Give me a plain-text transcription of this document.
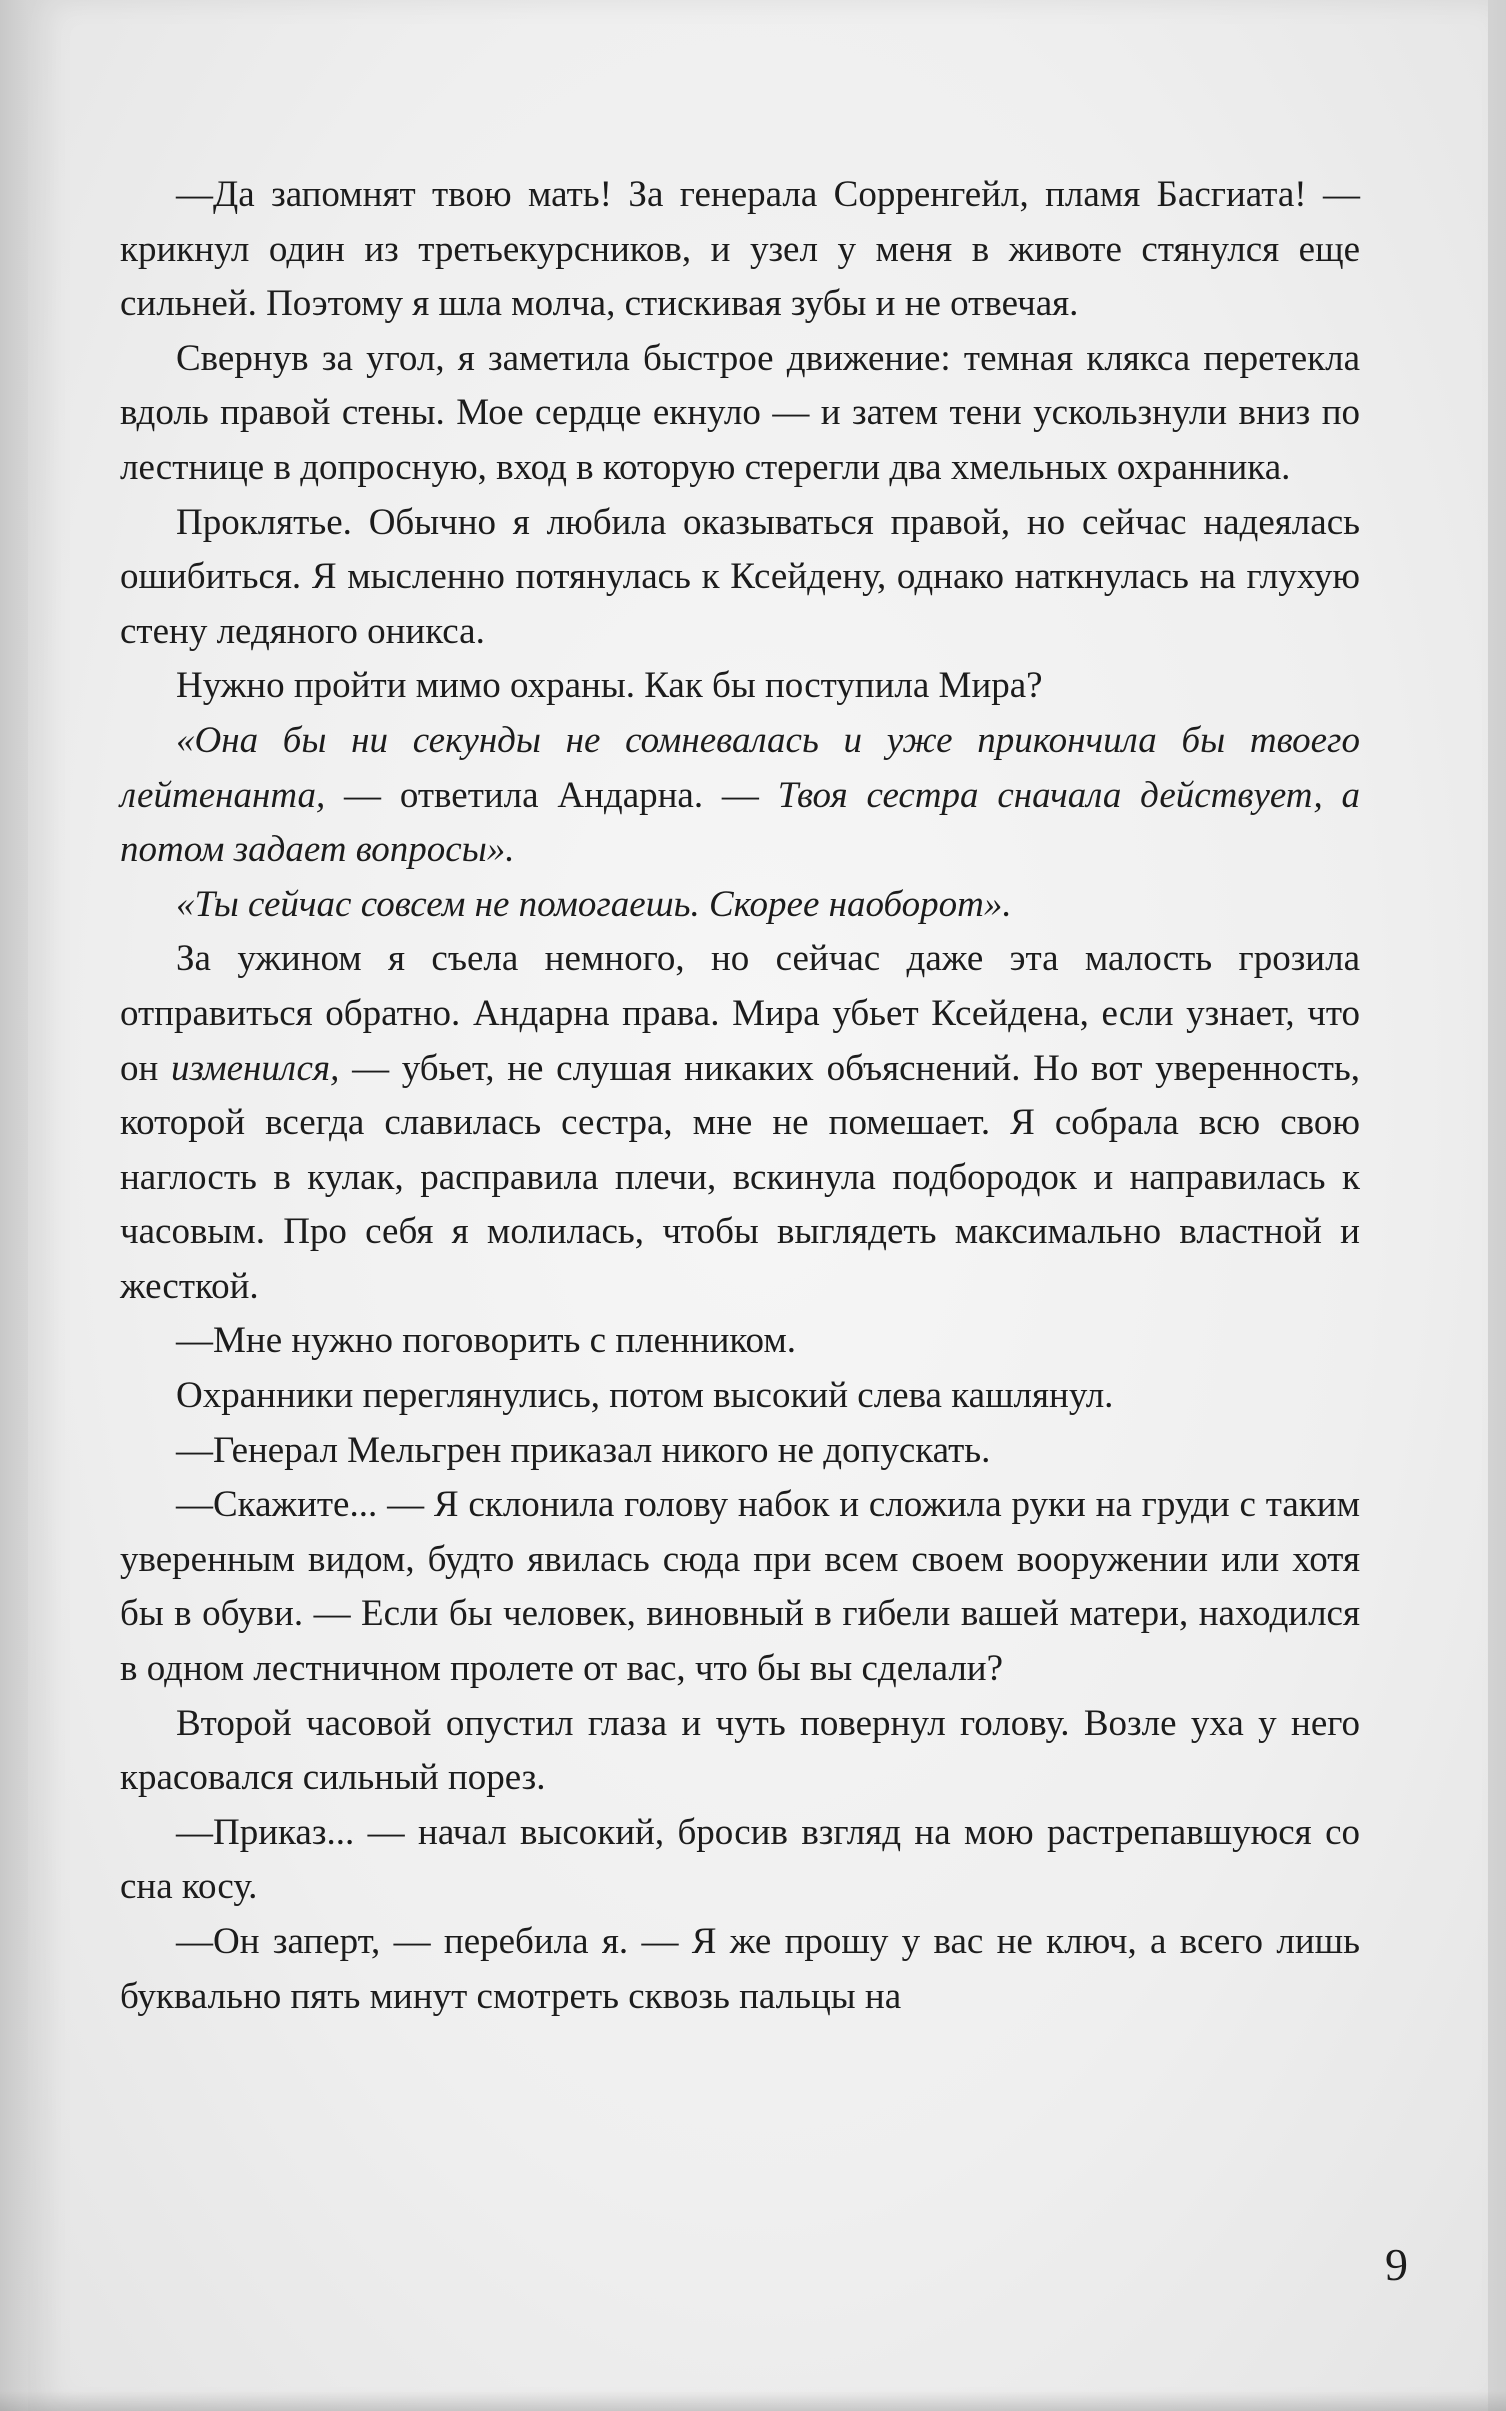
—Да запомнят твою мать! За генерала Сорренгейл, пламя Басгиата! — крикнул один из третьекурсников, и узел у меня в животе стянулся еще сильней. Поэтому я шла молча, стискивая зубы и не отвечая.

Свернув за угол, я заметила быстрое движение: темная клякса перетекла вдоль правой стены. Мое сердце екнуло — и затем тени ускользнули вниз по лестнице в допросную, вход в которую стерегли два хмельных охранника.

Проклятье. Обычно я любила оказываться правой, но сейчас надеялась ошибиться. Я мысленно потянулась к Ксейдену, однако наткнулась на глухую стену ледяного оникса.

Нужно пройти мимо охраны. Как бы поступила Мира?

«Она бы ни секунды не сомневалась и уже прикончила бы твоего лейтенанта, — ответила Андарна. — Твоя сестра сначала действует, а потом задает вопросы».

«Ты сейчас совсем не помогаешь. Скорее наоборот».

За ужином я съела немного, но сейчас даже эта малость грозила отправиться обратно. Андарна права. Мира убьет Ксейдена, если узнает, что он изменился, — убьет, не слушая никаких объяснений. Но вот уверенность, которой всегда славилась сестра, мне не помешает. Я собрала всю свою наглость в кулак, расправила плечи, вскинула подбородок и направилась к часовым. Про себя я молилась, чтобы выглядеть максимально властной и жесткой.

—Мне нужно поговорить с пленником.

Охранники переглянулись, потом высокий слева кашлянул.

—Генерал Мельгрен приказал никого не допускать.

—Скажите... — Я склонила голову набок и сложила руки на груди с таким уверенным видом, будто явилась сюда при всем своем вооружении или хотя бы в обуви. — Если бы человек, виновный в гибели вашей матери, находился в одном лестничном пролете от вас, что бы вы сделали?

Второй часовой опустил глаза и чуть повернул голову. Возле уха у него красовался сильный порез.

—Приказ... — начал высокий, бросив взгляд на мою растрепавшуюся со сна косу.

—Он заперт, — перебила я. — Я же прошу у вас не ключ, а всего лишь буквально пять минут смотреть сквозь пальцы на

9
